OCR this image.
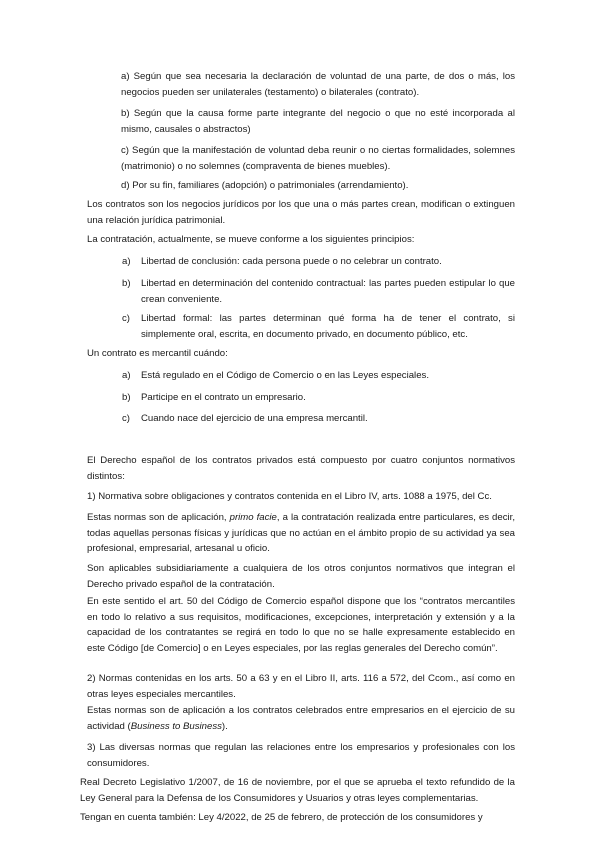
a) Según que sea necesaria la declaración de voluntad de una parte, de dos o más, los negocios pueden ser unilaterales (testamento) o bilaterales (contrato).

b) Según que la causa forme parte integrante del negocio o que no esté incorporada al mismo, causales o abstractos)

c) Según que la manifestación de voluntad deba reunir o no ciertas formalidades, solemnes (matrimonio) o no solemnes (compraventa de bienes muebles).

d) Por su fin, familiares (adopción) o patrimoniales (arrendamiento).

Los contratos son los negocios jurídicos por los que una o más partes crean, modifican o extinguen una relación jurídica patrimonial.

La contratación, actualmente, se mueve conforme a los siguientes principios:

a) Libertad de conclusión: cada persona puede o no celebrar un contrato.

b) Libertad en determinación del contenido contractual: las partes pueden estipular lo que crean conveniente.

c) Libertad formal: las partes determinan qué forma ha de tener el contrato, si simplemente oral, escrita, en documento privado, en documento público, etc.

Un contrato es mercantil cuándo:

a) Está regulado en el Código de Comercio o en las Leyes especiales.

b) Participe en el contrato un empresario.

c) Cuando nace del ejercicio de una empresa mercantil.

El Derecho español de los contratos privados está compuesto por cuatro conjuntos normativos distintos:

1) Normativa sobre obligaciones y contratos contenida en el Libro IV, arts. 1088 a 1975, del Cc.

Estas normas son de aplicación, primo facie, a la contratación realizada entre particulares, es decir, todas aquellas personas físicas y jurídicas que no actúan en el ámbito propio de su actividad ya sea profesional, empresarial, artesanal u oficio.

Son aplicables subsidiariamente a cualquiera de los otros conjuntos normativos que integran el Derecho privado español de la contratación.

En este sentido el art. 50 del Código de Comercio español dispone que los “contratos mercantiles en todo lo relativo a sus requisitos, modificaciones, excepciones, interpretación y extensión y a la capacidad de los contratantes se regirá en todo lo que no se halle expresamente establecido en este Código [de Comercio] o en Leyes especiales, por las reglas generales del Derecho común”.

2) Normas contenidas en los arts. 50 a 63 y en el Libro II, arts. 116 a 572, del Ccom., así como en otras leyes especiales mercantiles.

Estas normas son de aplicación a los contratos celebrados entre empresarios en el ejercicio de su actividad (Business to Business).

3) Las diversas normas que regulan las relaciones entre los empresarios y profesionales con los consumidores.

Real Decreto Legislativo 1/2007, de 16 de noviembre, por el que se aprueba el texto refundido de la Ley General para la Defensa de los Consumidores y Usuarios y otras leyes complementarias.

Tengan en cuenta también: Ley 4/2022, de 25 de febrero, de protección de los consumidores y
